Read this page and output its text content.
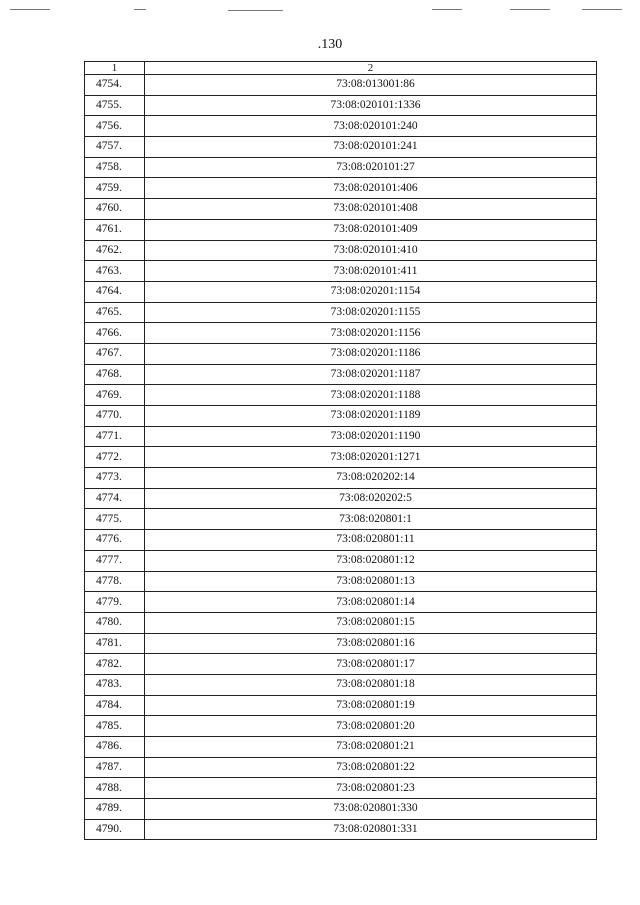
.130
1	2
4754.	73:08:013001:86
4755.	73:08:020101:1336
4756.	73:08:020101:240
4757.	73:08:020101:241
4758.	73:08:020101:27
4759.	73:08:020101:406
4760.	73:08:020101:408
4761.	73:08:020101:409
4762.	73:08:020101:410
4763.	73:08:020101:411
4764.	73:08:020201:1154
4765.	73:08:020201:1155
4766.	73:08:020201:1156
4767.	73:08:020201:1186
4768.	73:08:020201:1187
4769.	73:08:020201:1188
4770.	73:08:020201:1189
4771.	73:08:020201:1190
4772.	73:08:020201:1271
4773.	73:08:020202:14
4774.	73:08:020202:5
4775.	73:08:020801:1
4776.	73:08:020801:11
4777.	73:08:020801:12
4778.	73:08:020801:13
4779.	73:08:020801:14
4780.	73:08:020801:15
4781.	73:08:020801:16
4782.	73:08:020801:17
4783.	73:08:020801:18
4784.	73:08:020801:19
4785.	73:08:020801:20
4786.	73:08:020801:21
4787.	73:08:020801:22
4788.	73:08:020801:23
4789.	73:08:020801:330
4790.	73:08:020801:331
